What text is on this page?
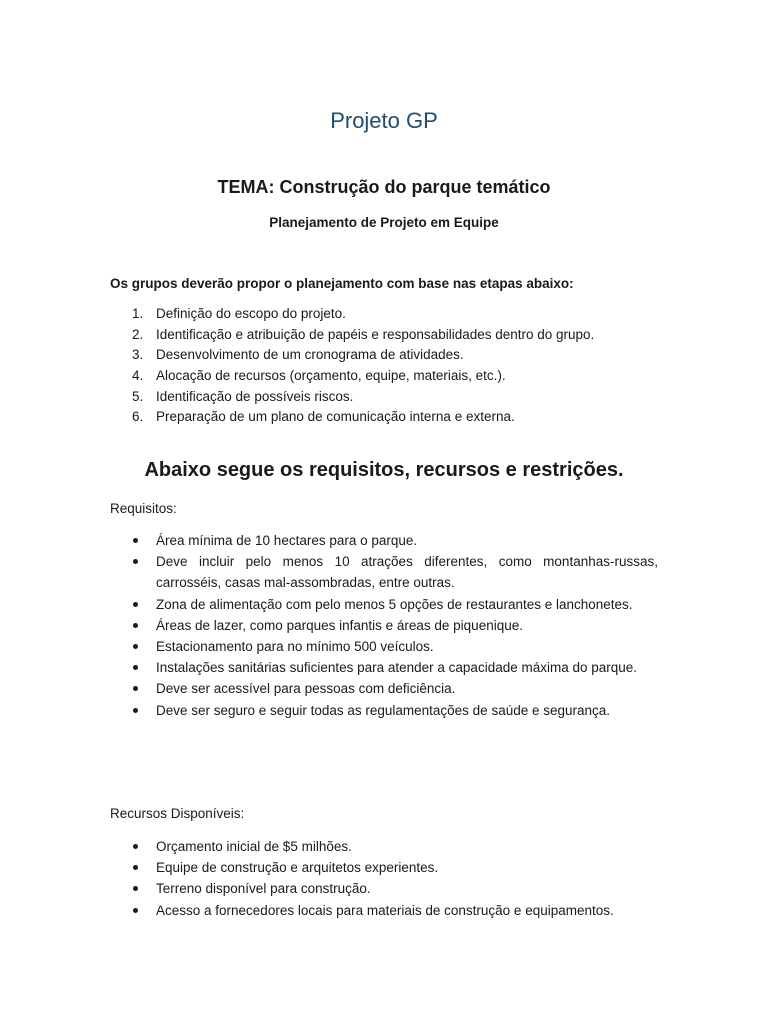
Projeto GP
TEMA: Construção do parque temático

Planejamento de Projeto em Equipe

Os grupos deverão propor o planejamento com base nas etapas abaixo:

1. Definição do escopo do projeto.
2. Identificação e atribuição de papéis e responsabilidades dentro do grupo.
3. Desenvolvimento de um cronograma de atividades.
4. Alocação de recursos (orçamento, equipe, materiais, etc.).
5. Identificação de possíveis riscos.
6. Preparação de um plano de comunicação interna e externa.
Abaixo segue os requisitos, recursos e restrições.

Requisitos:

Área mínima de 10 hectares para o parque.
Deve incluir pelo menos 10 atrações diferentes, como montanhas-russas, carrosséis, casas mal-assombradas, entre outras.
Zona de alimentação com pelo menos 5 opções de restaurantes e lanchonetes.
Áreas de lazer, como parques infantis e áreas de piquenique.
Estacionamento para no mínimo 500 veículos.
Instalações sanitárias suficientes para atender a capacidade máxima do parque.
Deve ser acessível para pessoas com deficiência.
Deve ser seguro e seguir todas as regulamentações de saúde e segurança.

Recursos Disponíveis:

Orçamento inicial de $5 milhões.
Equipe de construção e arquitetos experientes.
Terreno disponível para construção.
Acesso a fornecedores locais para materiais de construção e equipamentos.
